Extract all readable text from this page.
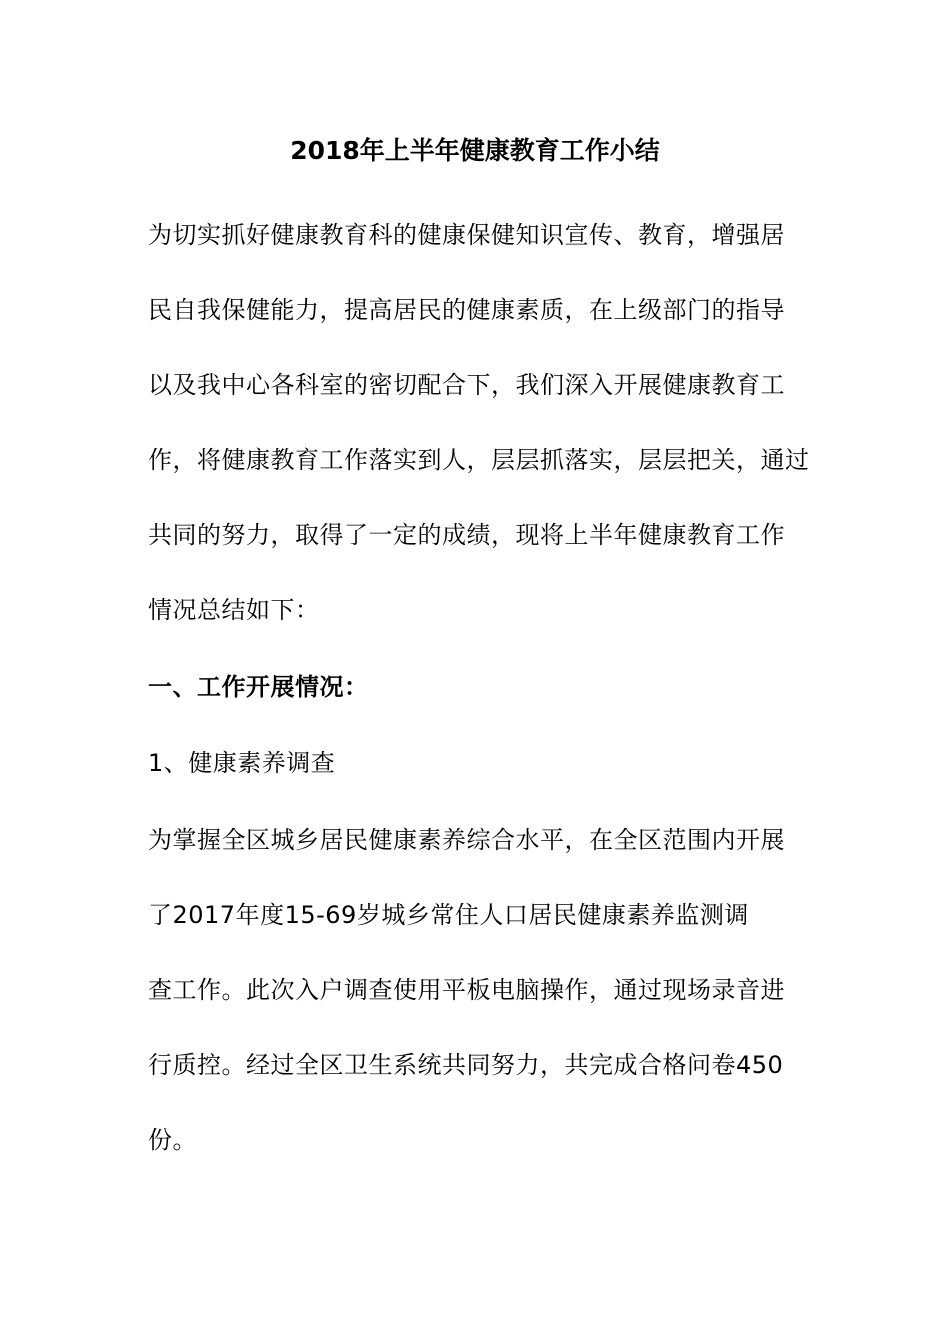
2018年上半年健康教育工作小结
为切实抓好健康教育科的健康保健知识宣传、教育，增强居
民自我保健能力，提高居民的健康素质，在上级部门的指导
以及我中心各科室的密切配合下，我们深入开展健康教育工
作，将健康教育工作落实到人，层层抓落实，层层把关，通过
共同的努力，取得了一定的成绩，现将上半年健康教育工作
情况总结如下：
一、工作开展情况：
1、健康素养调查
为掌握全区城乡居民健康素养综合水平，在全区范围内开展
了2017年度15-69岁城乡常住人口居民健康素养监测调
查工作。此次入户调查使用平板电脑操作，通过现场录音进
行质控。经过全区卫生系统共同努力，共完成合格问卷450
份。
